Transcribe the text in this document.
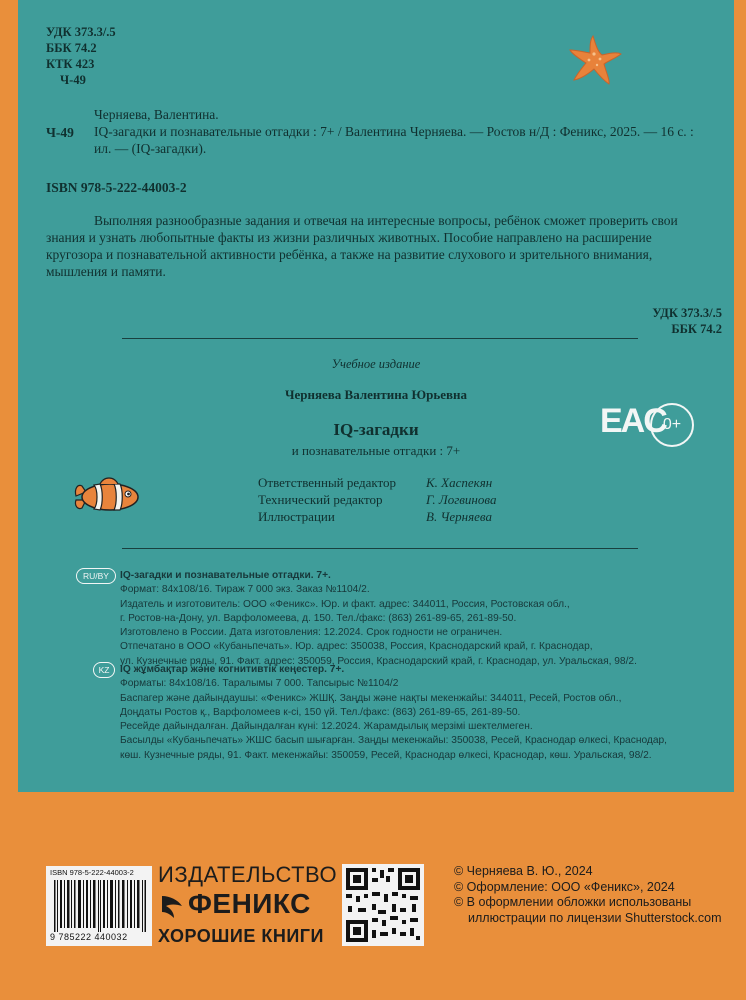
УДК 373.3/.5
ББК 74.2
КТК 423
Ч-49
Ч-49
Черняева, Валентина.
IQ-загадки и познавательные отгадки : 7+ / Валентина Черняева. — Ростов н/Д : Феникс, 2025. — 16 с. :
ил. — (IQ-загадки).
ISBN 978-5-222-44003-2
Выполняя разнообразные задания и отвечая на интересные вопросы, ребёнок сможет проверить свои
знания и узнать любопытные факты из жизни различных животных. Пособие направлено на расширение
кругозора и познавательной активности ребёнка, а также на развитие слухового и зрительного внимания,
мышления и памяти.
УДК 373.3/.5
ББК 74.2
Учебное издание
Черняева Валентина Юрьевна
IQ-загадки
и познавательные отгадки : 7+
Ответственный редактор К. Хаспекян
Технический редактор	Г. Логвинова
Иллюстрации	В. Черняева
EAC
0+
RU/BY	IQ-загадки и познавательные отгадки. 7+.
Формат: 84х108/16. Тираж 7 000 экз. Заказ №1104/2.
Издатель и изготовитель: ООО «Феникс». Юр. и факт. адрес: 344011, Россия, Ростовская обл.,
г. Ростов-на-Дону, ул. Варфоломеева, д. 150. Тел./факс: (863) 261-89-65, 261-89-50.
Изготовлено в России. Дата изготовления: 12.2024. Срок годности не ограничен.
Отпечатано в ООО «Кубаньпечать». Юр. адрес: 350038, Россия, Краснодарский край, г. Краснодар,
ул. Кузнечные ряды, 91. Факт. адрес: 350059, Россия, Краснодарский край, г. Краснодар, ул. Уральская, 98/2.
KZ	IQ жұмбақтар және когнитивтік кеңестер. 7+.
Форматы: 84х108/16. Таралымы 7 000. Тапсырыс №1104/2
Баспагер және дайындаушы: «Феникс» ЖШҚ. Заңды және нақты мекенжайы: 344011, Ресей, Ростов обл.,
Доңдаты Ростов қ., Варфоломеев к-сі, 150 үй. Тел./факс: (863) 261-89-65, 261-89-50.
Ресейде дайындалған. Дайындалған күні: 12.2024. Жарамдылық мерзімі шектелмеген.
Басылды «Кубаньпечать» ЖШС басып шығарған. Заңды мекенжайы: 350038, Ресей, Краснодар өлкесі, Краснодар,
көш. Кузнечные ряды, 91. Факт. мекенжайы: 350059, Ресей, Краснодар өлкесі, Краснодар, көш. Уральская, 98/2.
ISBN 978-5-222-44003-2
9 785222 440032
ИЗДАТЕЛЬСТВО
ФЕНИКС
ХОРОШИЕ КНИГИ
© Черняева В. Ю., 2024
© Оформление: ООО «Феникс», 2024
© В оформлении обложки использованы
иллюстрации по лицензии Shutterstock.com
